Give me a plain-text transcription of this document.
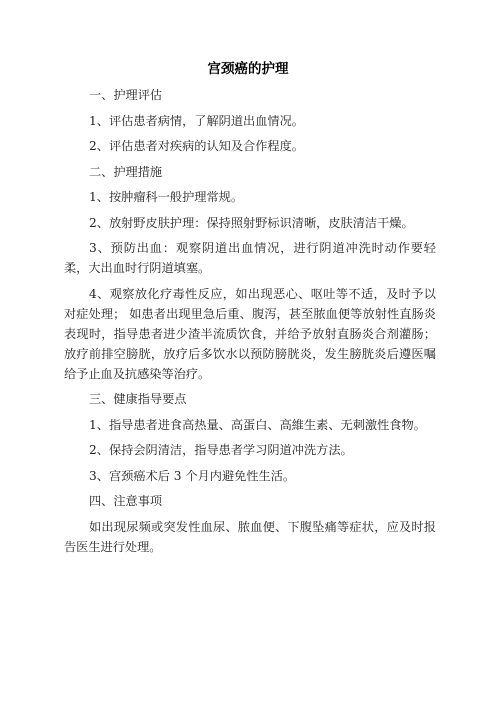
宫颈癌的护理

一、护理评估

1、评估患者病情，了解阴道出血情况。

2、评估患者对疾病的认知及合作程度。

二、护理措施

1、按肿瘤科一般护理常规。

2、放射野皮肤护理：保持照射野标识清晰，皮肤清洁干燥。

3、预防出血：观察阴道出血情况，进行阴道冲洗时动作要轻柔，大出血时行阴道填塞。

4、观察放化疗毒性反应，如出现恶心、呕吐等不适，及时予以对症处理； 如患者出现里急后重、腹泻，甚至脓血便等放射性直肠炎表现时，指导患者进少渣半流质饮食，并给予放射直肠炎合剂灌肠；放疗前排空膀胱，放疗后多饮水以预防膀胱炎，发生膀胱炎后遵医嘱给予止血及抗感染等治疗。

三、健康指导要点

1、指导患者进食高热量、高蛋白、高維生素、无刺激性食物。

2、保持会阴清洁，指导患者学习阴道冲洗方法。

3、宫颈癌术后 3 个月内避免性生活。

四、注意事项

如出现尿频或突发性血尿、脓血便、下腹坠痛等症状，应及时报告医生进行处理。
